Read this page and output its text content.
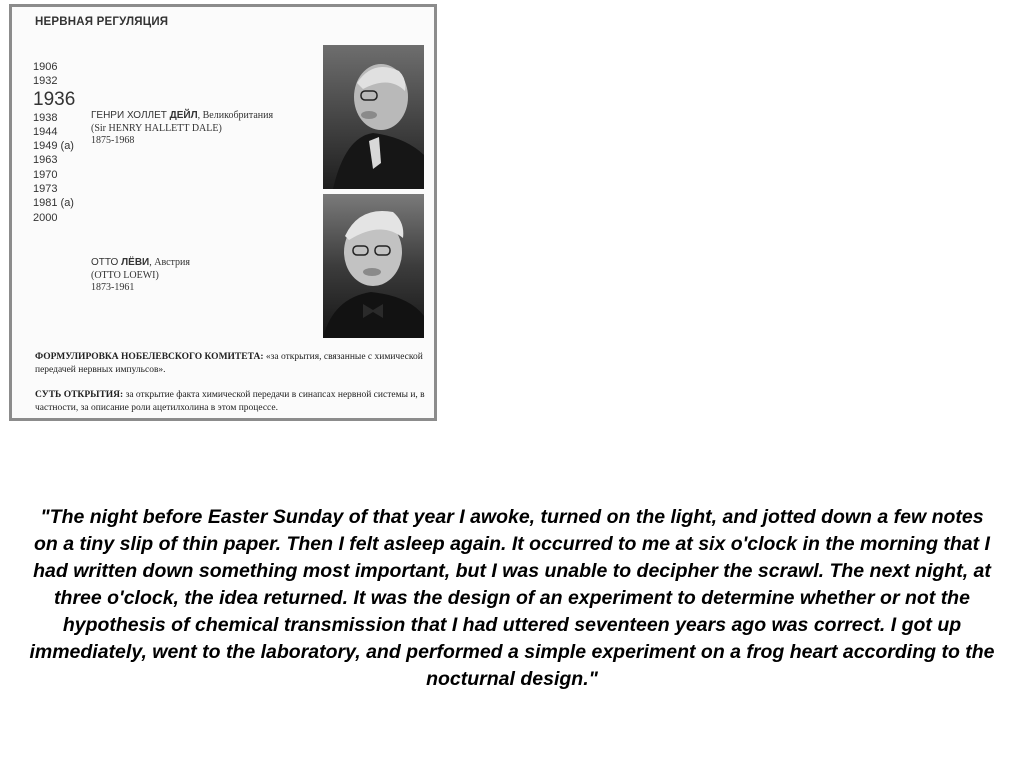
НЕРВНАЯ РЕГУЛЯЦИЯ
1906
1932
1936
1938
1944
1949 (a)
1963
1970
1973
1981 (a)
2000
ГЕНРИ ХОЛЛЕТ ДЕЙЛ, Великобритания
(Sir HENRY HALLETT DALE)
1875-1968
ОТТО ЛЁВИ, Австрия
(OTTO LOEWI)
1873-1961
ФОРМУЛИРОВКА НОБЕЛЕВСКОГО КОМИТЕТА: «за открытия, связанные с химической передачей нервных импульсов».
СУТЬ ОТКРЫТИЯ: за открытие факта химической передачи в синапсах нервной системы и, в частности, за описание роли ацетилхолина в этом процессе.
"The night before Easter Sunday of that year I awoke, turned on the light, and jotted down a few notes on a tiny slip of thin paper. Then I felt asleep again. It occurred to me at six o'clock in the morning that I had written down something most important, but I was unable to decipher the scrawl. The next night, at three o'clock, the idea returned. It was the design of an experiment to determine whether or not the hypothesis of chemical transmission that I had uttered seventeen years ago was correct. I got up immediately, went to the laboratory, and performed a simple experiment on a frog heart according to the nocturnal design."
